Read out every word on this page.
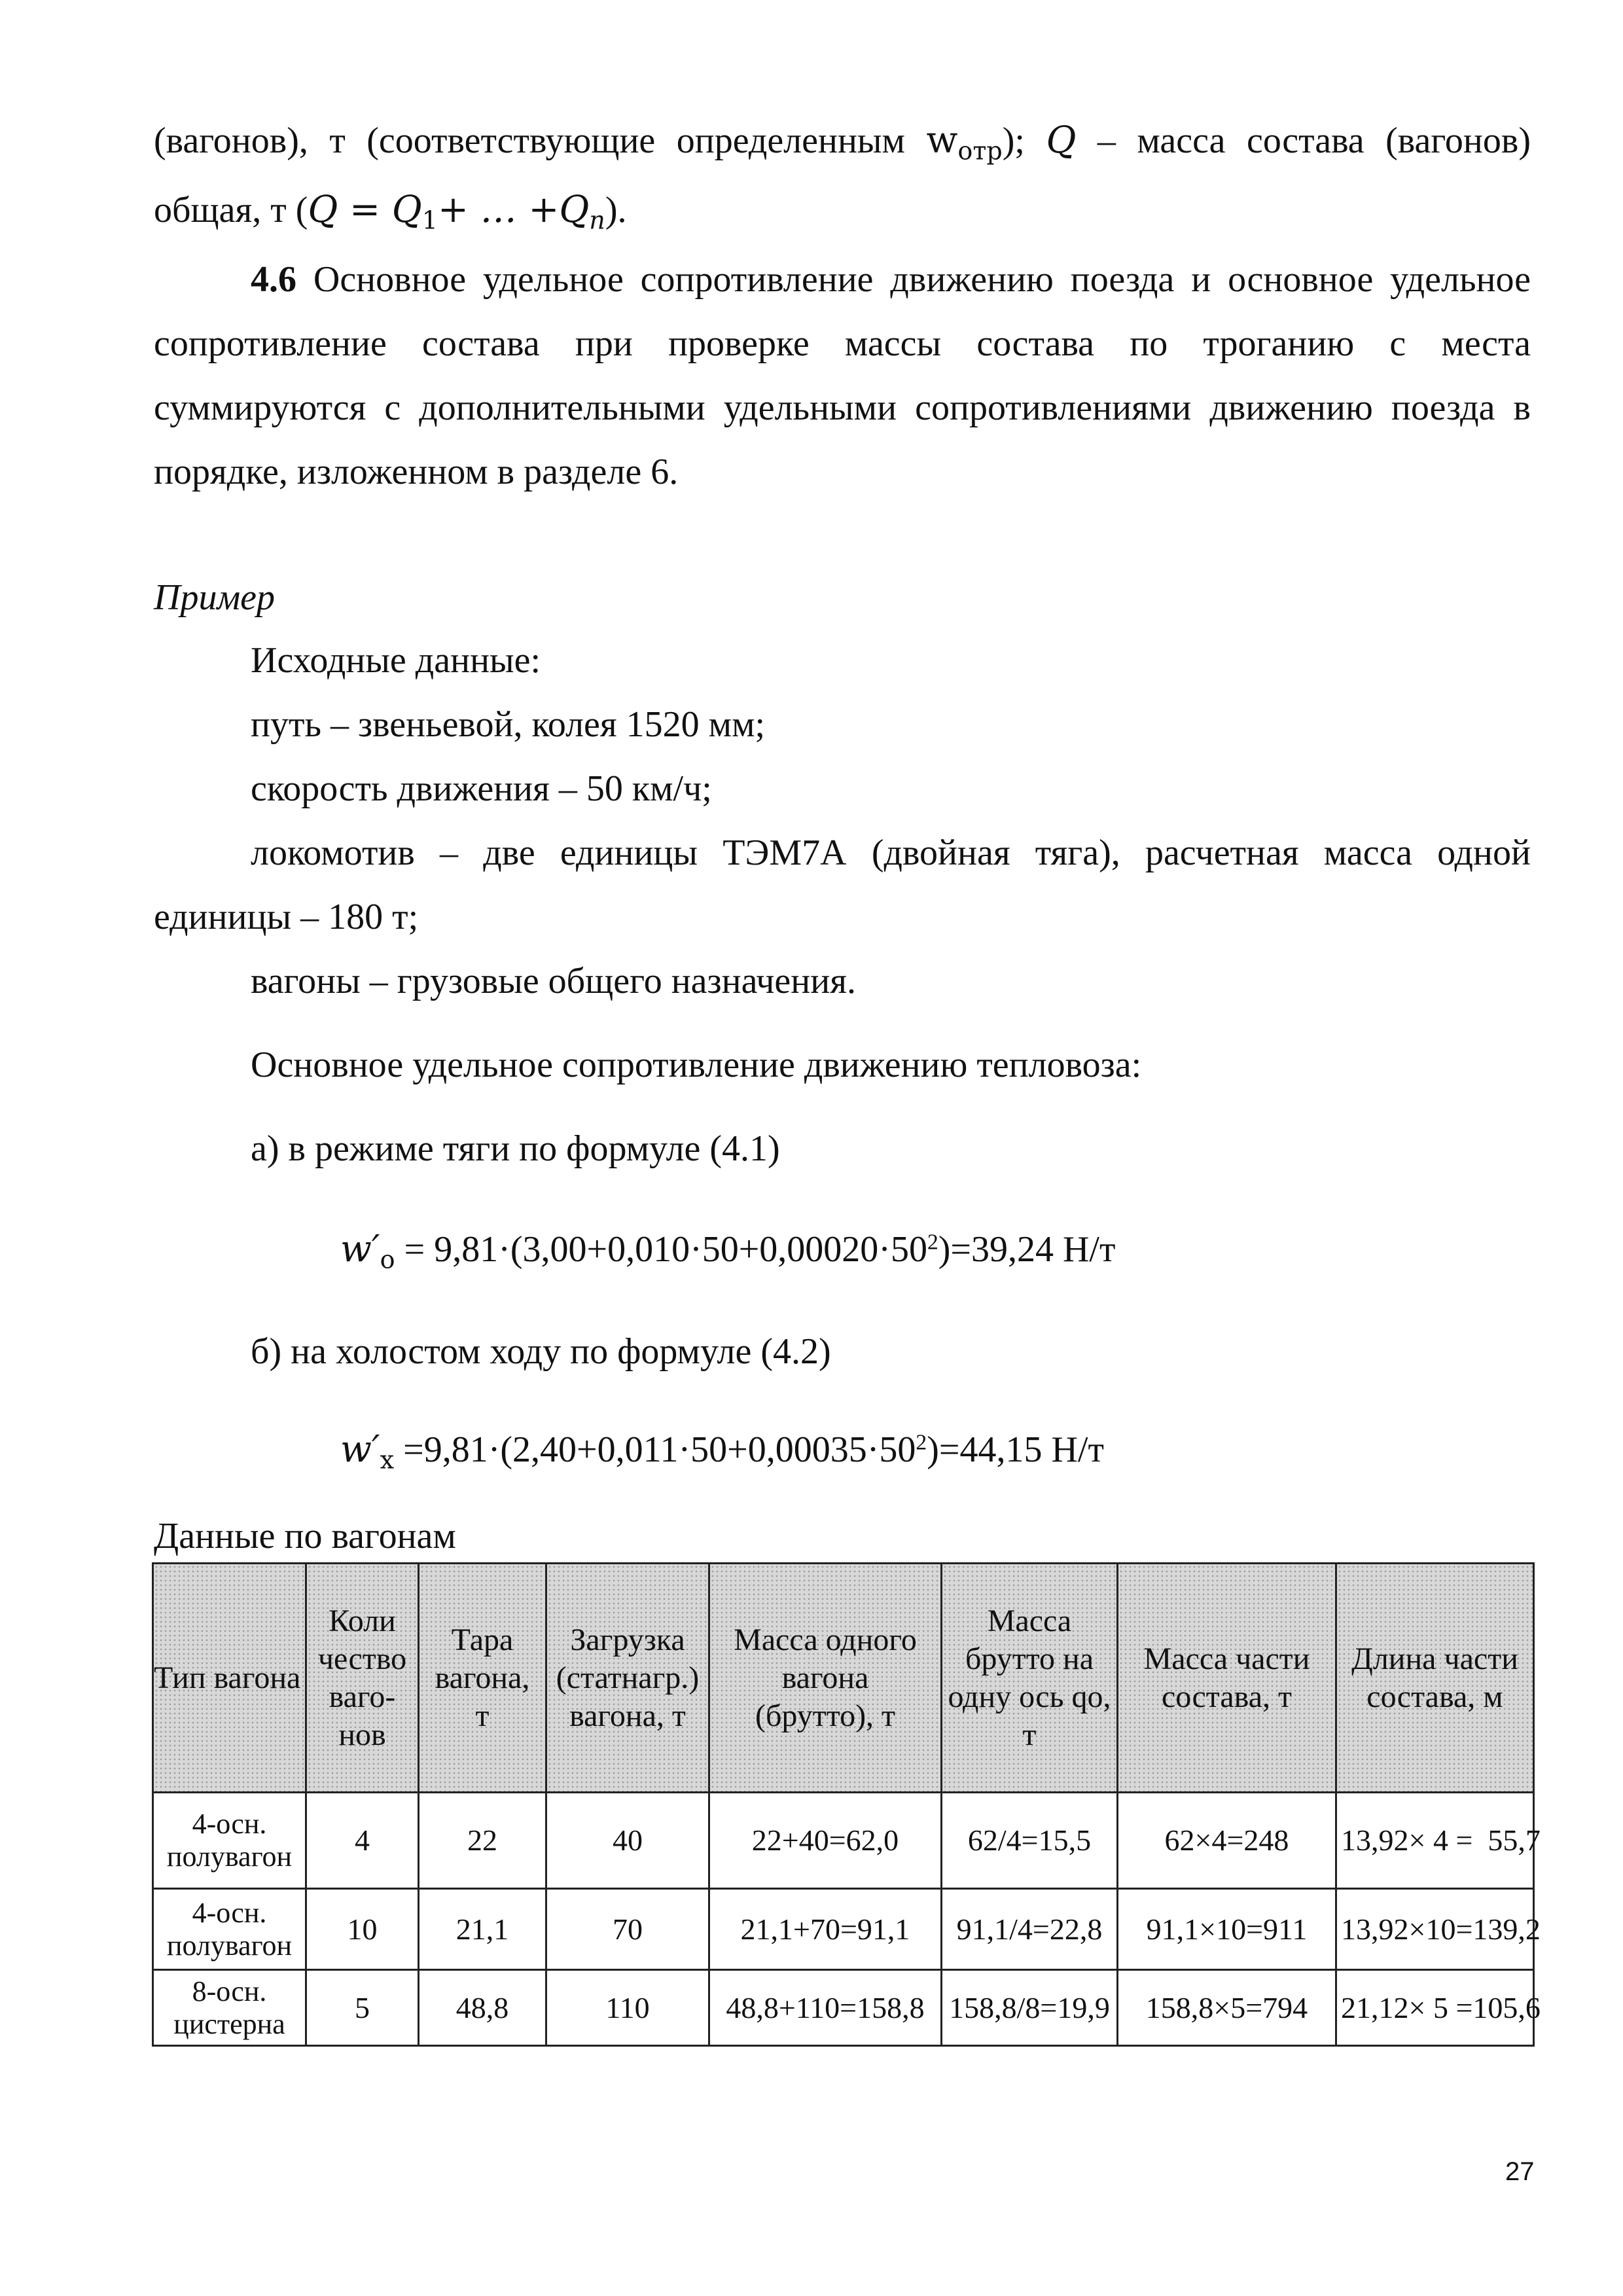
(вагонов), т (соответствующие определенным $w_{отр}$); Q – масса состава (вагонов)
общая, т ($Q = Q_1+$ … $+Q_n$).
4.6 Основное удельное сопротивление движению поезда и основное удельное
сопротивление состава при проверке массы состава по троганию с места
суммируются с дополнительными удельными сопротивлениями движению поезда в
порядке, изложенном в разделе 6.
Пример
Исходные данные:
путь – звеньевой, колея 1520 мм;
скорость движения – 50 км/ч;
локомотив – две единицы ТЭМ7А (двойная тяга), расчетная масса одной
единицы – 180 т;
вагоны – грузовые общего назначения.
Основное удельное сопротивление движению тепловоза:
а) в режиме тяги по формуле (4.1)
$w'_o = 9,81\cdot(3,00+0,010\cdot 50+0,00020\cdot 50^2)=39,24$ Н/т
б) на холостом ходу по формуле (4.2)
$w'_x =9,81\cdot(2,40+0,011\cdot 50+0,00035\cdot 50^2)=44,15$ Н/т
Данные по вагонам
Тип вагона	Коли
чество
ваго-
нов	Тара
вагона,
т	Загрузка
(статнагр.)
вагона, т	Масса одного
вагона
(брутто), т	Масса
брутто на
одну ось qo,
т	Масса части
состава, т	Длина части
состава, м
4-осн.
полувагон	4	22	40	22+40=62,0	62/4=15,5	62×4=248	13,92× 4 =  55,7
4-осн.
полувагон	10	21,1	70	21,1+70=91,1	91,1/4=22,8	91,1×10=911	13,92×10=139,2
8-осн.
цистерна	5	48,8	110	48,8+110=158,8	158,8/8=19,9	158,8×5=794	21,12× 5 =105,6
27
